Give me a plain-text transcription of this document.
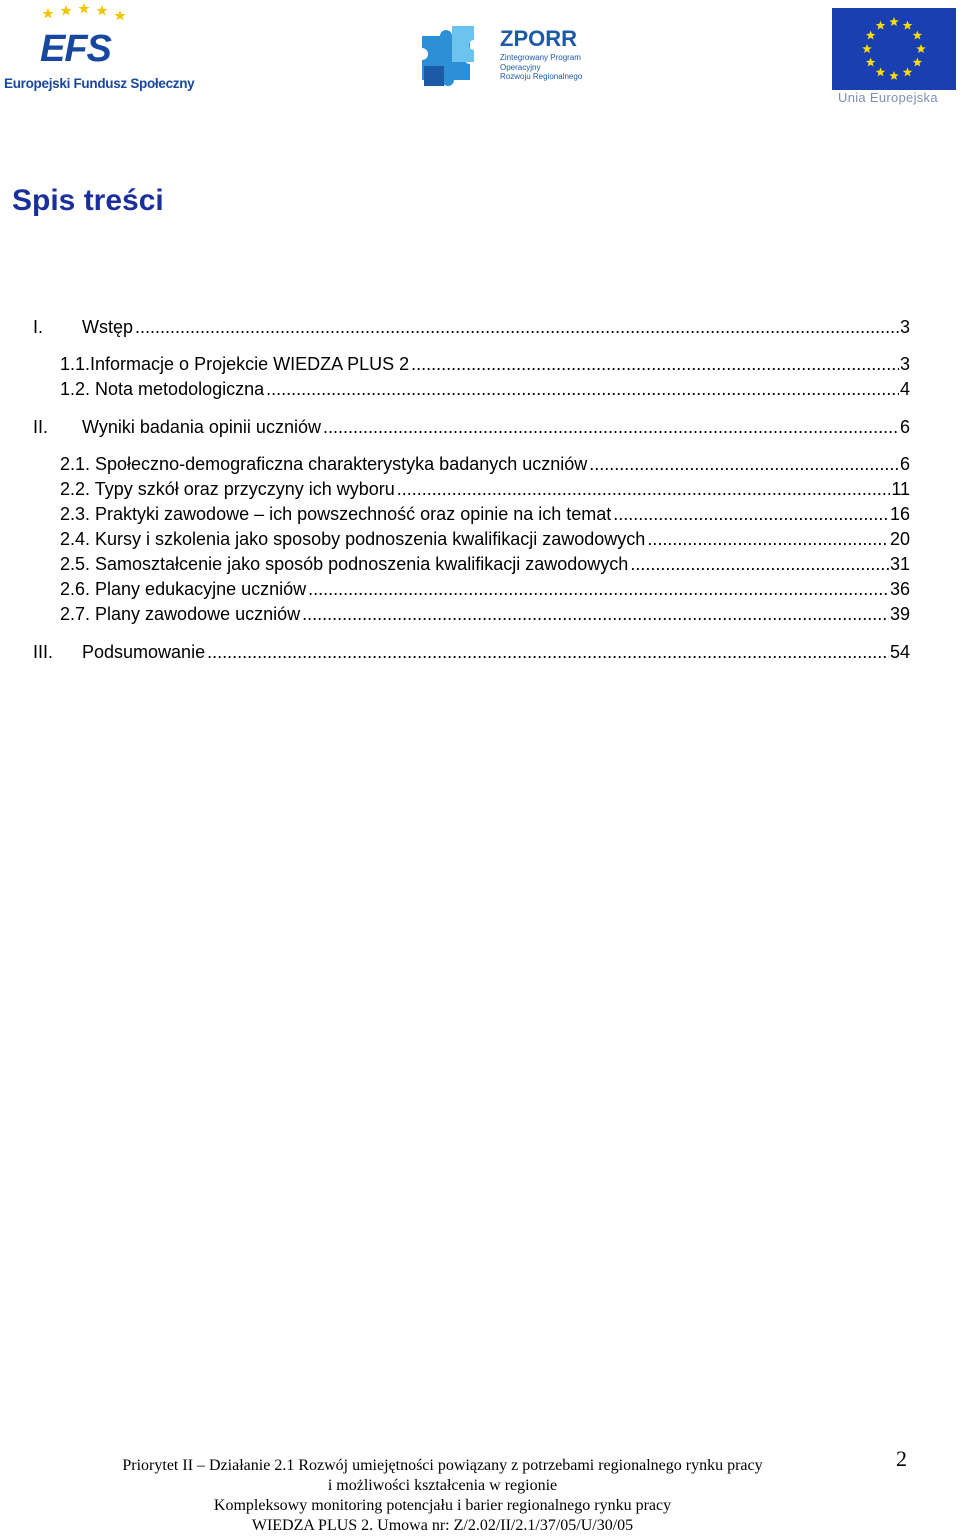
EFS
Europejski Fundusz Społeczny
ZPORR
Zintegrowany Program
Operacyjny
Rozwoju Regionalnego
Unia Europejska
Spis treści
I. Wstęp .....	3
1.1.Informacje o Projekcie WIEDZA PLUS 2 .....	3
1.2. Nota metodologiczna .....	4
II. Wyniki badania opinii uczniów .....	6
2.1. Społeczno-demograficzna charakterystyka badanych uczniów .....	6
2.2. Typy szkół oraz przyczyny ich wyboru .....	11
2.3. Praktyki zawodowe – ich powszechność oraz opinie na ich temat .....	16
2.4. Kursy i szkolenia jako sposoby podnoszenia kwalifikacji zawodowych .....	20
2.5. Samoształcenie jako sposób podnoszenia kwalifikacji zawodowych .....	31
2.6. Plany edukacyjne uczniów .....	36
2.7. Plany zawodowe uczniów .....	39
III. Podsumowanie .....	54
Priorytet II – Działanie 2.1 Rozwój umiejętności powiązany z potrzebami regionalnego rynku pracy
i możliwości kształcenia w regionie
Kompleksowy monitoring potencjału i barier regionalnego rynku pracy
WIEDZA PLUS 2. Umowa nr: Z/2.02/II/2.1/37/05/U/30/05
2
